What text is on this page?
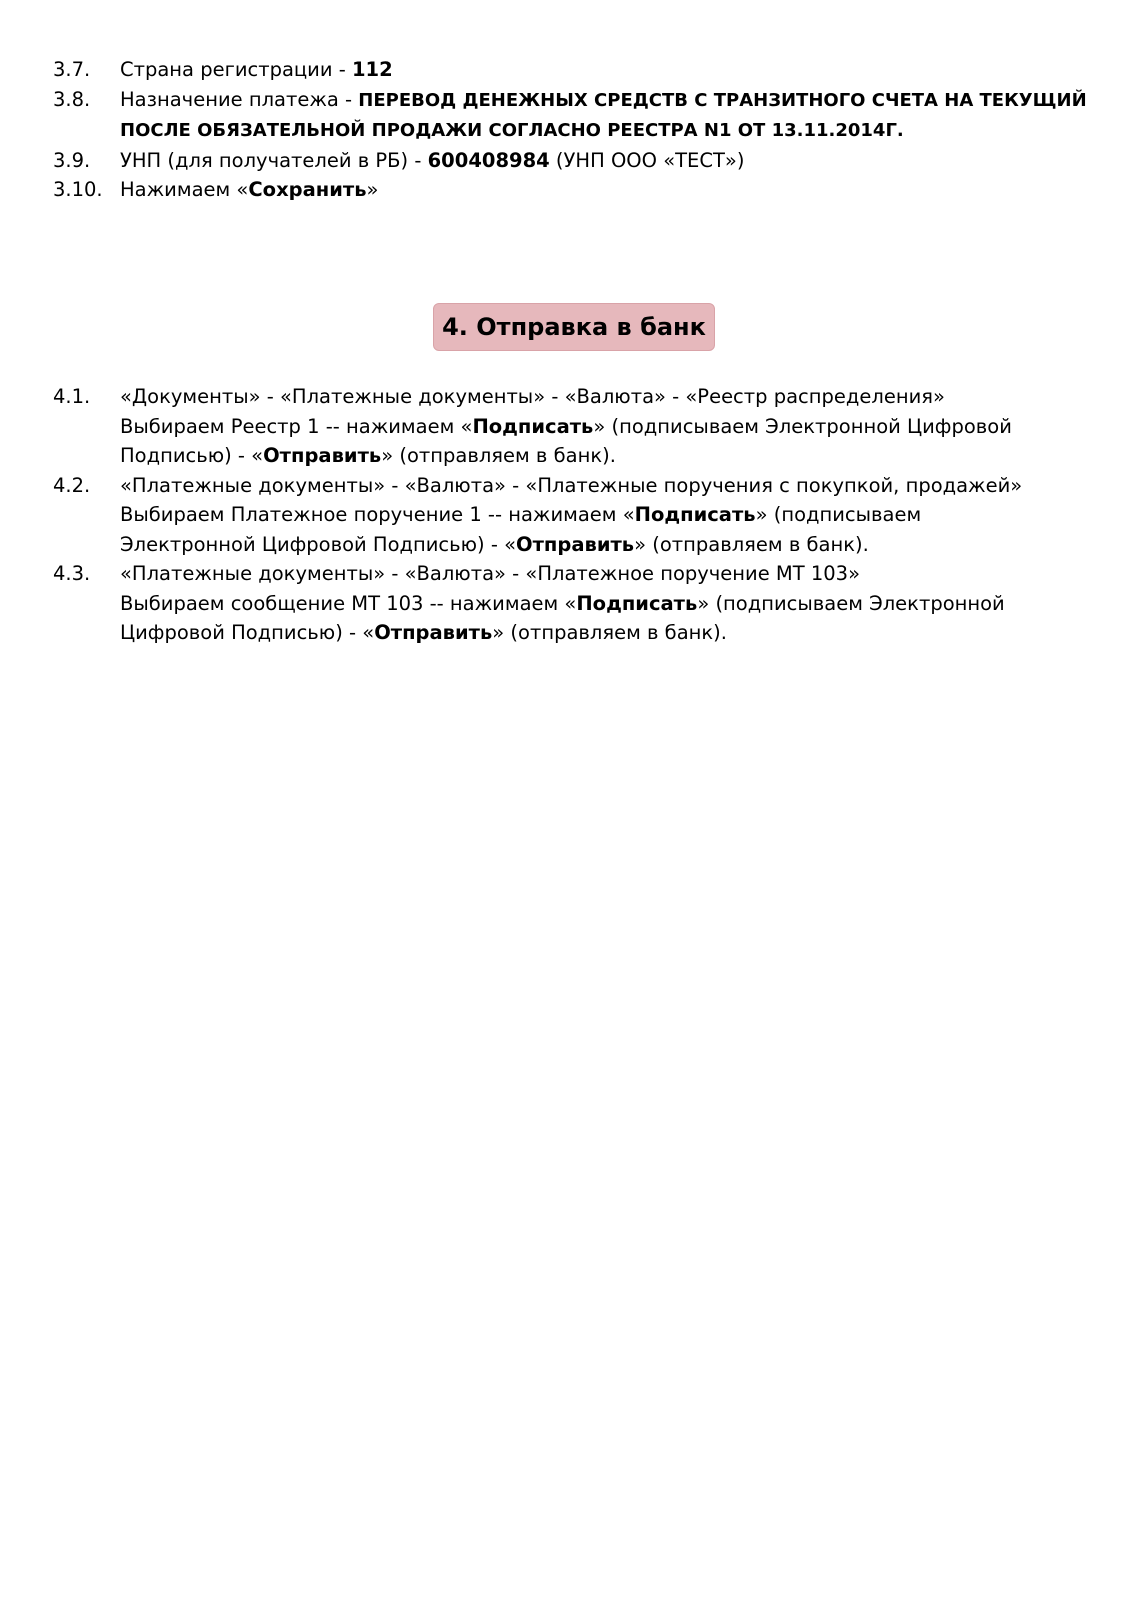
3.7. Страна регистрации - 112
3.8. Назначение платежа - ПЕРЕВОД ДЕНЕЖНЫХ СРЕДСТВ С ТРАНЗИТНОГО СЧЕТА НА ТЕКУЩИЙ
ПОСЛЕ ОБЯЗАТЕЛЬНОЙ ПРОДАЖИ СОГЛАСНО РЕЕСТРА N1 ОТ 13.11.2014Г.
3.9. УНП (для получателей в РБ) - 600408984 (УНП ООО «ТЕСТ»)
3.10. Нажимаем «Сохранить»
4. Отправка в банк
4.1. «Документы» - «Платежные документы» - «Валюта» - «Реестр распределения»
Выбираем Реестр 1 -- нажимаем «Подписать» (подписываем Электронной Цифровой
Подписью) - «Отправить» (отправляем в банк).
4.2. «Платежные документы» - «Валюта» - «Платежные поручения с покупкой, продажей»
Выбираем Платежное поручение 1 -- нажимаем «Подписать» (подписываем
Электронной Цифровой Подписью) - «Отправить» (отправляем в банк).
4.3. «Платежные документы» - «Валюта» - «Платежное поручение МТ 103»
Выбираем сообщение МТ 103 -- нажимаем «Подписать» (подписываем Электронной
Цифровой Подписью) - «Отправить» (отправляем в банк).
